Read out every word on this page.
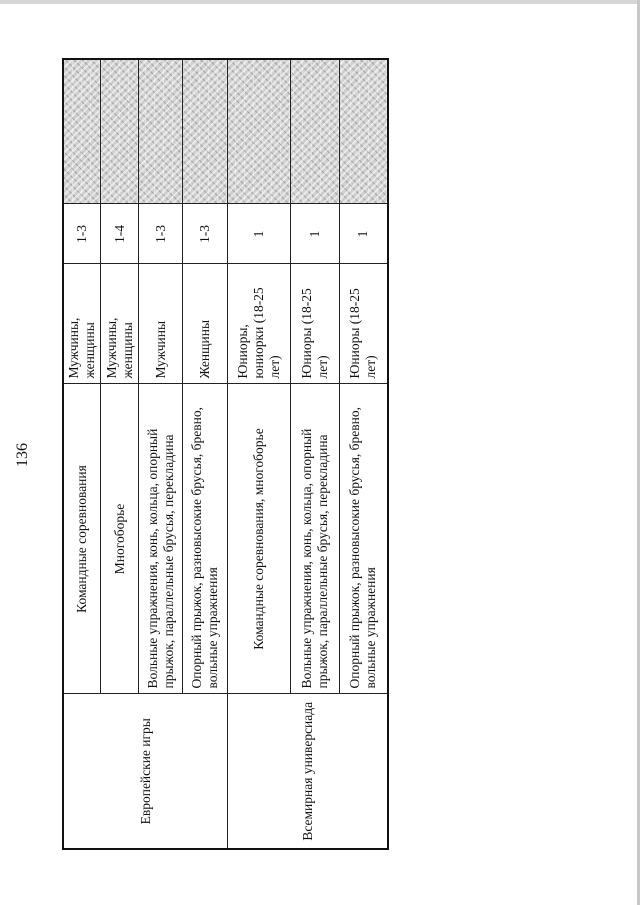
136
Европейские игры	Командные соревнования	Мужчины, женщины	1-3	

	Многоборье	Мужчины, женщины	1-4	

	Вольные упражнения, конь, кольца, опорный прыжок, параллельные брусья, перекладина	Мужчины	1-3	

	Опорный прыжок, разновысокие брусья, бревно, вольные упражнения	Женщины	1-3	

Всемирная универсиада	Командные соревнования, многоборье	Юниоры, юниорки (18-25 лет)	1	

	Вольные упражнения, конь, кольца, опорный прыжок, параллельные брусья, перекладина	Юниоры (18-25 лет)	1	

	Опорный прыжок, разновысокие брусья, бревно, вольные упражнения	Юниоры (18-25 лет)	1	
